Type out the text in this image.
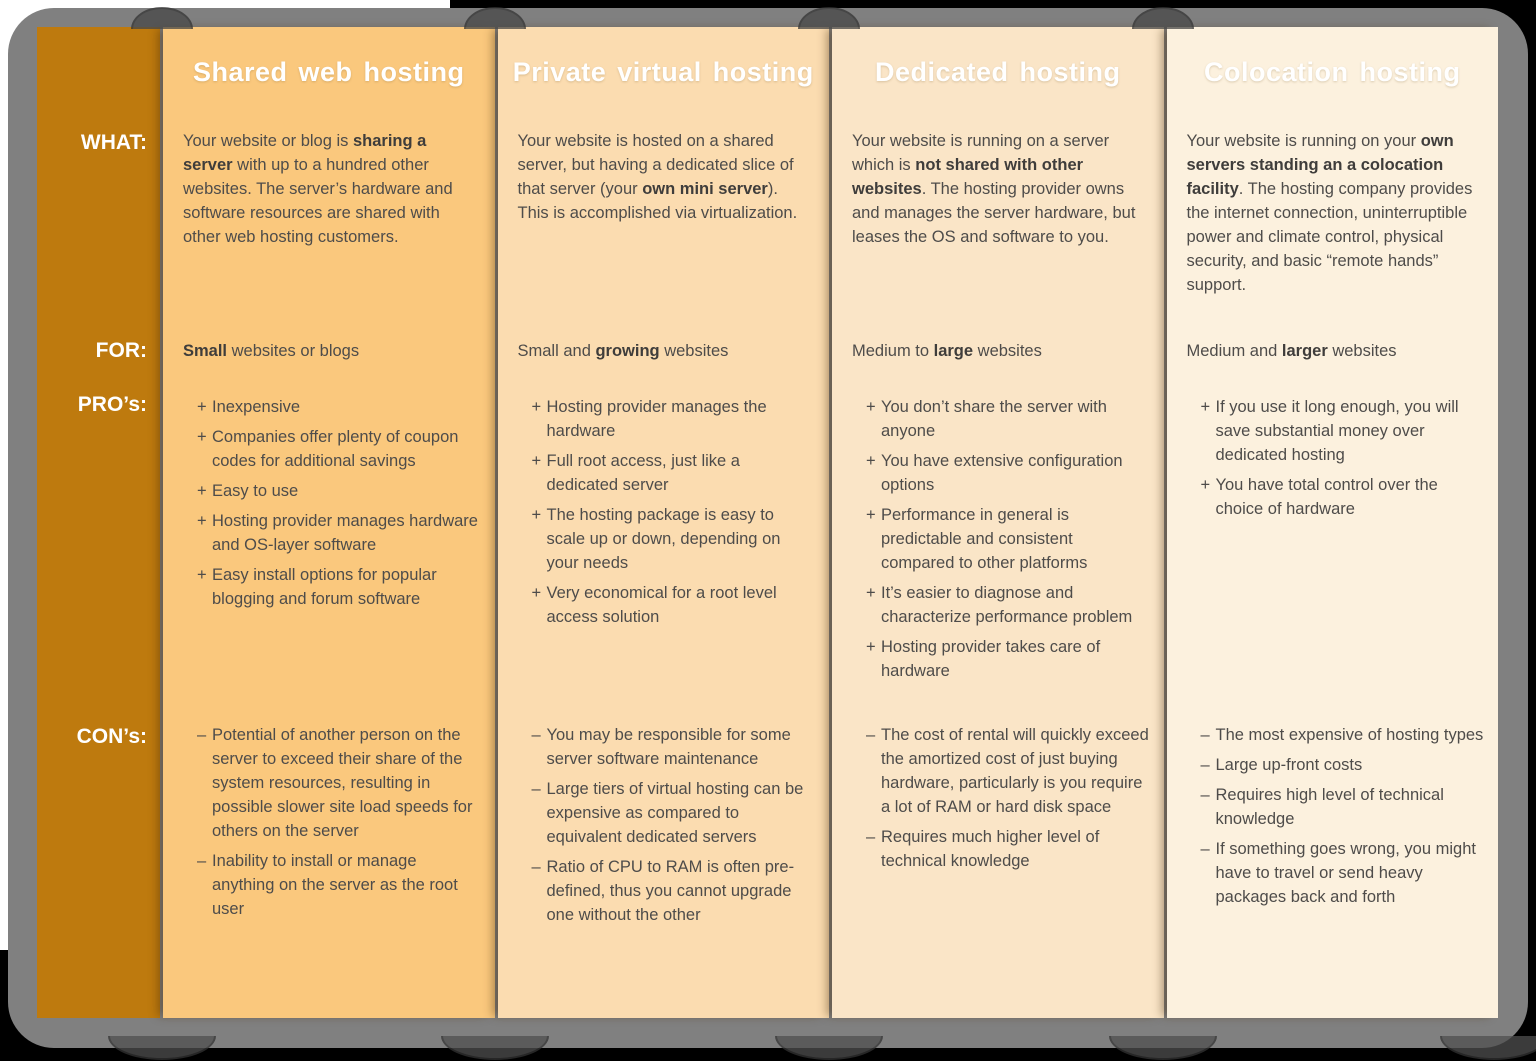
WHAT:
FOR:
PRO’s:
CON’s:
Shared web hosting
Your website or blog is sharing a server with up to a hundred other websites. The server’s hardware and software resources are shared with other web hosting customers.
Small websites or blogs
+ Inexpensive
+ Companies offer plenty of coupon codes for additional savings
+ Easy to use
+ Hosting provider manages hardware and OS-layer software
+ Easy install options for popular blogging and forum software
– Potential of another person on the server to exceed their share of the system resources, resulting in possible slower site load speeds for others on the server
– Inability to install or manage anything on the server as the root user
Private virtual hosting
Your website is hosted on a shared server, but having a dedicated slice of that server (your own mini server). This is accomplished via virtualization.
Small and growing websites
+ Hosting provider manages the hardware
+ Full root access, just like a dedicated server
+ The hosting package is easy to scale up or down, depending on your needs
+ Very economical for a root level access solution
– You may be responsible for some server software maintenance
– Large tiers of virtual hosting can be expensive as compared to equivalent dedicated servers
– Ratio of CPU to RAM is often pre-defined, thus you cannot upgrade one without the other
Dedicated hosting
Your website is running on a server which is not shared with other websites. The hosting provider owns and manages the server hardware, but leases the OS and software to you.
Medium to large websites
+ You don’t share the server with anyone
+ You have extensive configuration options
+ Performance in general is predictable and consistent compared to other platforms
+ It’s easier to diagnose and characterize performance problem
+ Hosting provider takes care of hardware
– The cost of rental will quickly exceed the amortized cost of just buying hardware, particularly is you require a lot of RAM or hard disk space
– Requires much higher level of technical knowledge
Colocation hosting
Your website is running on your own servers standing an a colocation facility. The hosting company provides the internet connection, uninterruptible power and climate control, physical security, and basic “remote hands” support.
Medium and larger websites
+ If you use it long enough, you will save substantial money over dedicated hosting
+ You have total control over the choice of hardware
– The most expensive of hosting types
– Large up-front costs
– Requires high level of technical knowledge
– If something goes wrong, you might have to travel or send heavy packages back and forth
